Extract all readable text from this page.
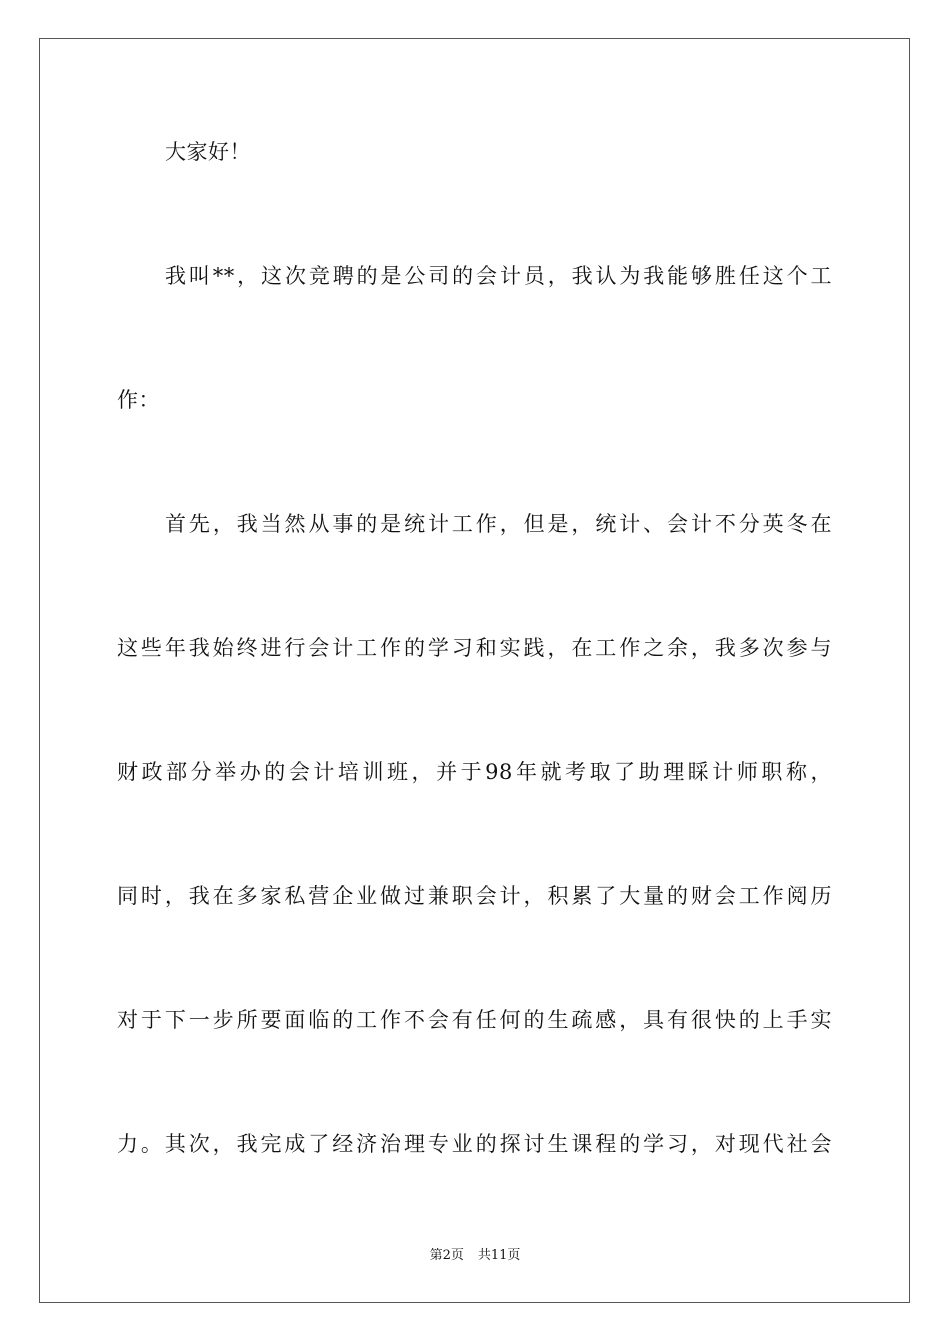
大家好！
我叫**，这次竞聘的是公司的会计员，我认为我能够胜任这个工
作：
首先，我当然从事的是统计工作，但是，统计、会计不分英冬在
这些年我始终进行会计工作的学习和实践，在工作之余，我多次参与
财政部分举办的会计培训班，并于98年就考取了助理睬计师职称，
同时，我在多家私营企业做过兼职会计，积累了大量的财会工作阅历
对于下一步所要面临的工作不会有任何的生疏感，具有很快的上手实
力。其次，我完成了经济治理专业的探讨生课程的学习，对现代社会
第2页 共11页
